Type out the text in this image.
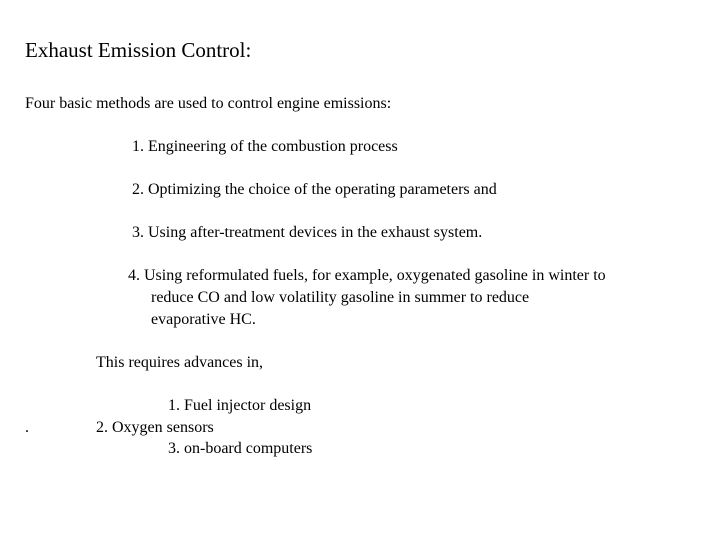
Exhaust Emission Control:
Four basic methods are used to control engine emissions:
1. Engineering of the combustion process
2. Optimizing the choice of the operating parameters and
3. Using after-treatment devices in the exhaust system.
4. Using reformulated fuels, for example, oxygenated gasoline in winter to
reduce CO and low volatility gasoline in summer to reduce
evaporative HC.
This requires advances in,
1. Fuel injector design
.	2. Oxygen sensors
3. on-board computers
